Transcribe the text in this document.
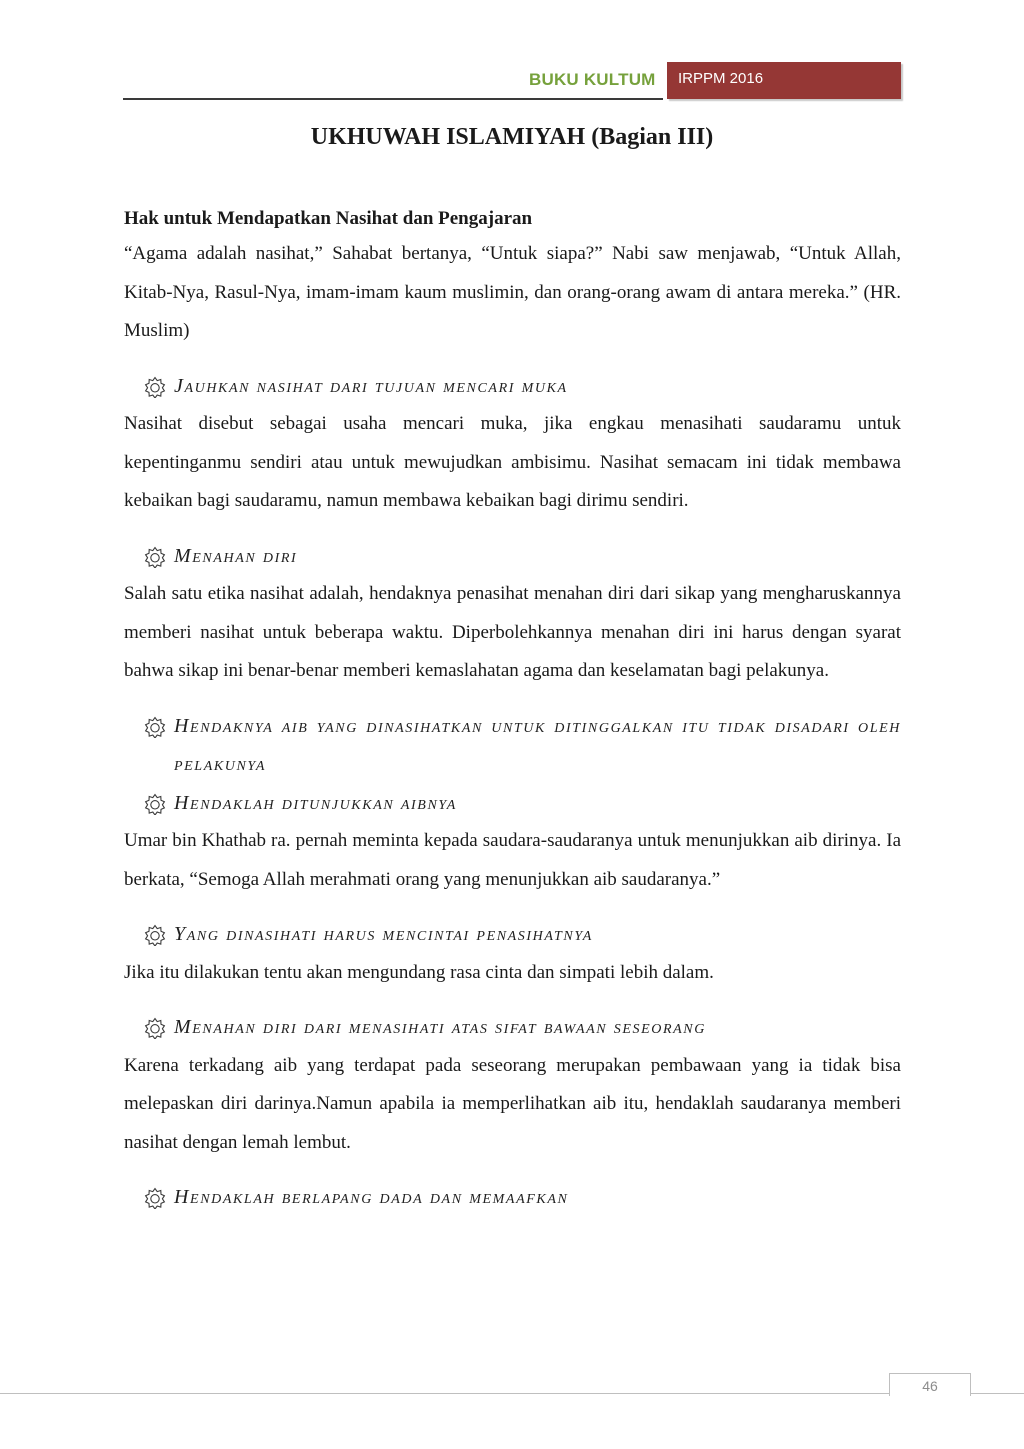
BUKU KULTUM IRPPM 2016
UKHUWAH ISLAMIYAH (Bagian III)
Hak untuk Mendapatkan Nasihat dan Pengajaran

“Agama adalah nasihat,” Sahabat bertanya, “Untuk siapa?” Nabi saw menjawab, “Untuk Allah, Kitab-Nya, Rasul-Nya, imam-imam kaum muslimin, dan orang-orang awam di antara mereka.” (HR. Muslim)

Jauhkan nasihat dari tujuan mencari muka

Nasihat disebut sebagai usaha mencari muka, jika engkau menasihati saudaramu untuk kepentinganmu sendiri atau untuk mewujudkan ambisimu. Nasihat semacam ini tidak membawa kebaikan bagi saudaramu, namun membawa kebaikan bagi dirimu sendiri.

Menahan diri

Salah satu etika nasihat adalah, hendaknya penasihat menahan diri dari sikap yang mengharuskannya memberi nasihat untuk beberapa waktu. Diperbolehkannya menahan diri ini harus dengan syarat bahwa sikap ini benar-benar memberi kemaslahatan agama dan keselamatan bagi pelakunya.

Hendaknya aib yang dinasihatkan untuk ditinggalkan itu tidak disadari oleh pelakunya
Hendaklah ditunjukkan aibnya

Umar bin Khathab ra. pernah meminta kepada saudara-saudaranya untuk menunjukkan aib dirinya. Ia berkata, “Semoga Allah merahmati orang yang menunjukkan aib saudaranya.”

Yang dinasihati harus mencintai penasihatnya

Jika itu dilakukan tentu akan mengundang rasa cinta dan simpati lebih dalam.

Menahan diri dari menasihati atas sifat bawaan seseorang

Karena terkadang aib yang terdapat pada seseorang merupakan pembawaan yang ia tidak bisa melepaskan diri darinya.Namun apabila ia memperlihatkan aib itu, hendaklah saudaranya memberi nasihat dengan lemah lembut.

Hendaklah berlapang dada dan memaafkan
46
